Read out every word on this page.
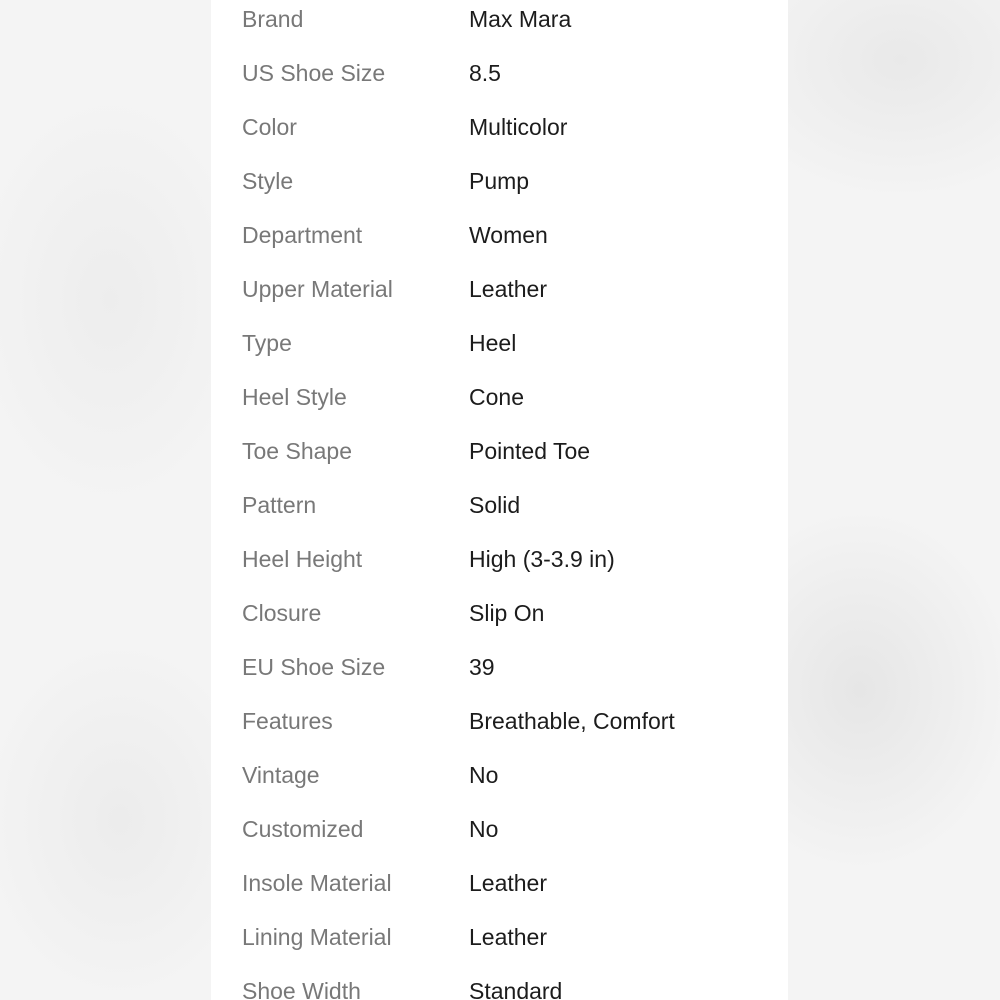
Brand	Max Mara
US Shoe Size	8.5
Color	Multicolor
Style	Pump
Department	Women
Upper Material	Leather
Type	Heel
Heel Style	Cone
Toe Shape	Pointed Toe
Pattern	Solid
Heel Height	High (3-3.9 in)
Closure	Slip On
EU Shoe Size	39
Features	Breathable, Comfort
Vintage	No
Customized	No
Insole Material	Leather
Lining Material	Leather
Shoe Width	Standard
